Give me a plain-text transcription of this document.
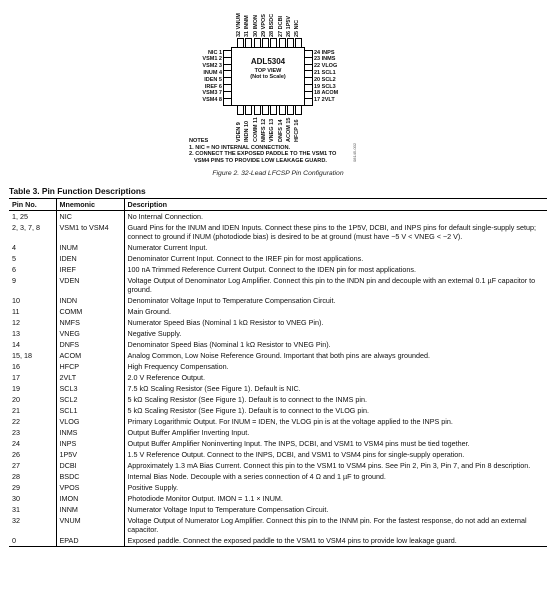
32 VNUM 31 INNM 30 IMON 29 VPOS 28 BSDC 27 DCBI 26 1P5V 25 NIC
VDEN 9 INDN 10 COMM 11 NMFS 12 VNEG 13 DNFS 14 ACOM 15 HFCP 16
NIC 1
VSM1 2
VSM2 3
INUM 4
IDEN 5
IREF 6
VSM3 7
VSM4 8
24 INPS
23 INMS
22 VLOG
21 SCL1
20 SCL2
19 SCL3
18 ACOM
17 2VLT
ADL5304
TOP VIEW
(Not to Scale)
NOTES
1. NIC = NO INTERNAL CONNECTION.
2. CONNECT THE EXPOSED PADDLE TO THE VSM1 TO
VSM4 PINS TO PROVIDE LOW LEAKAGE GUARD.	08145-002
Figure 2. 32-Lead LFCSP Pin Configuration
Table 3. Pin Function Descriptions
Pin No.	Mnemonic	Description
1, 25	NIC	No Internal Connection.
2, 3, 7, 8	VSM1 to VSM4	Guard Pins for the INUM and IDEN Inputs. Connect these pins to the 1P5V, DCBI, and INPS pins for default single-supply setup; connect to ground if INUM (photodiode bias) is desired to be at ground (must have −5 V < VNEG < −2 V).
4	INUM	Numerator Current Input.
5	IDEN	Denominator Current Input. Connect to the IREF pin for most applications.
6	IREF	100 nA Trimmed Reference Current Output. Connect to the IDEN pin for most applications.
9	VDEN	Voltage Output of Denominator Log Amplifier. Connect this pin to the INDN pin and decouple with an external 0.1 µF capacitor to ground.
10	INDN	Denominator Voltage Input to Temperature Compensation Circuit.
11	COMM	Main Ground.
12	NMFS	Numerator Speed Bias (Nominal 1 kΩ Resistor to VNEG Pin).
13	VNEG	Negative Supply.
14	DNFS	Denominator Speed Bias (Nominal 1 kΩ Resistor to VNEG Pin).
15, 18	ACOM	Analog Common, Low Noise Reference Ground. Important that both pins are always grounded.
16	HFCP	High Frequency Compensation.
17	2VLT	2.0 V Reference Output.
19	SCL3	7.5 kΩ Scaling Resistor (See Figure 1). Default is NIC.
20	SCL2	5 kΩ Scaling Resistor (See Figure 1). Default is to connect to the INMS pin.
21	SCL1	5 kΩ Scaling Resistor (See Figure 1). Default is to connect to the VLOG pin.
22	VLOG	Primary Logarithmic Output. For INUM = IDEN, the VLOG pin is at the voltage applied to the INPS pin.
23	INMS	Output Buffer Amplifier Inverting Input.
24	INPS	Output Buffer Amplifier Noninverting Input. The INPS, DCBI, and VSM1 to VSM4 pins must be tied together.
26	1P5V	1.5 V Reference Output. Connect to the INPS, DCBI, and VSM1 to VSM4 pins for single-supply operation.
27	DCBI	Approximately 1.3 mA Bias Current. Connect this pin to the VSM1 to VSM4 pins. See Pin 2, Pin 3, Pin 7, and Pin 8 description.
28	BSDC	Internal Bias Node. Decouple with a series connection of 4 Ω and 1 µF to ground.
29	VPOS	Positive Supply.
30	IMON	Photodiode Monitor Output. IMON = 1.1 × INUM.
31	INNM	Numerator Voltage Input to Temperature Compensation Circuit.
32	VNUM	Voltage Output of Numerator Log Amplifier. Connect this pin to the INNM pin. For the fastest response, do not add an external capacitor.
0	EPAD	Exposed paddle. Connect the exposed paddle to the VSM1 to VSM4 pins to provide low leakage guard.
